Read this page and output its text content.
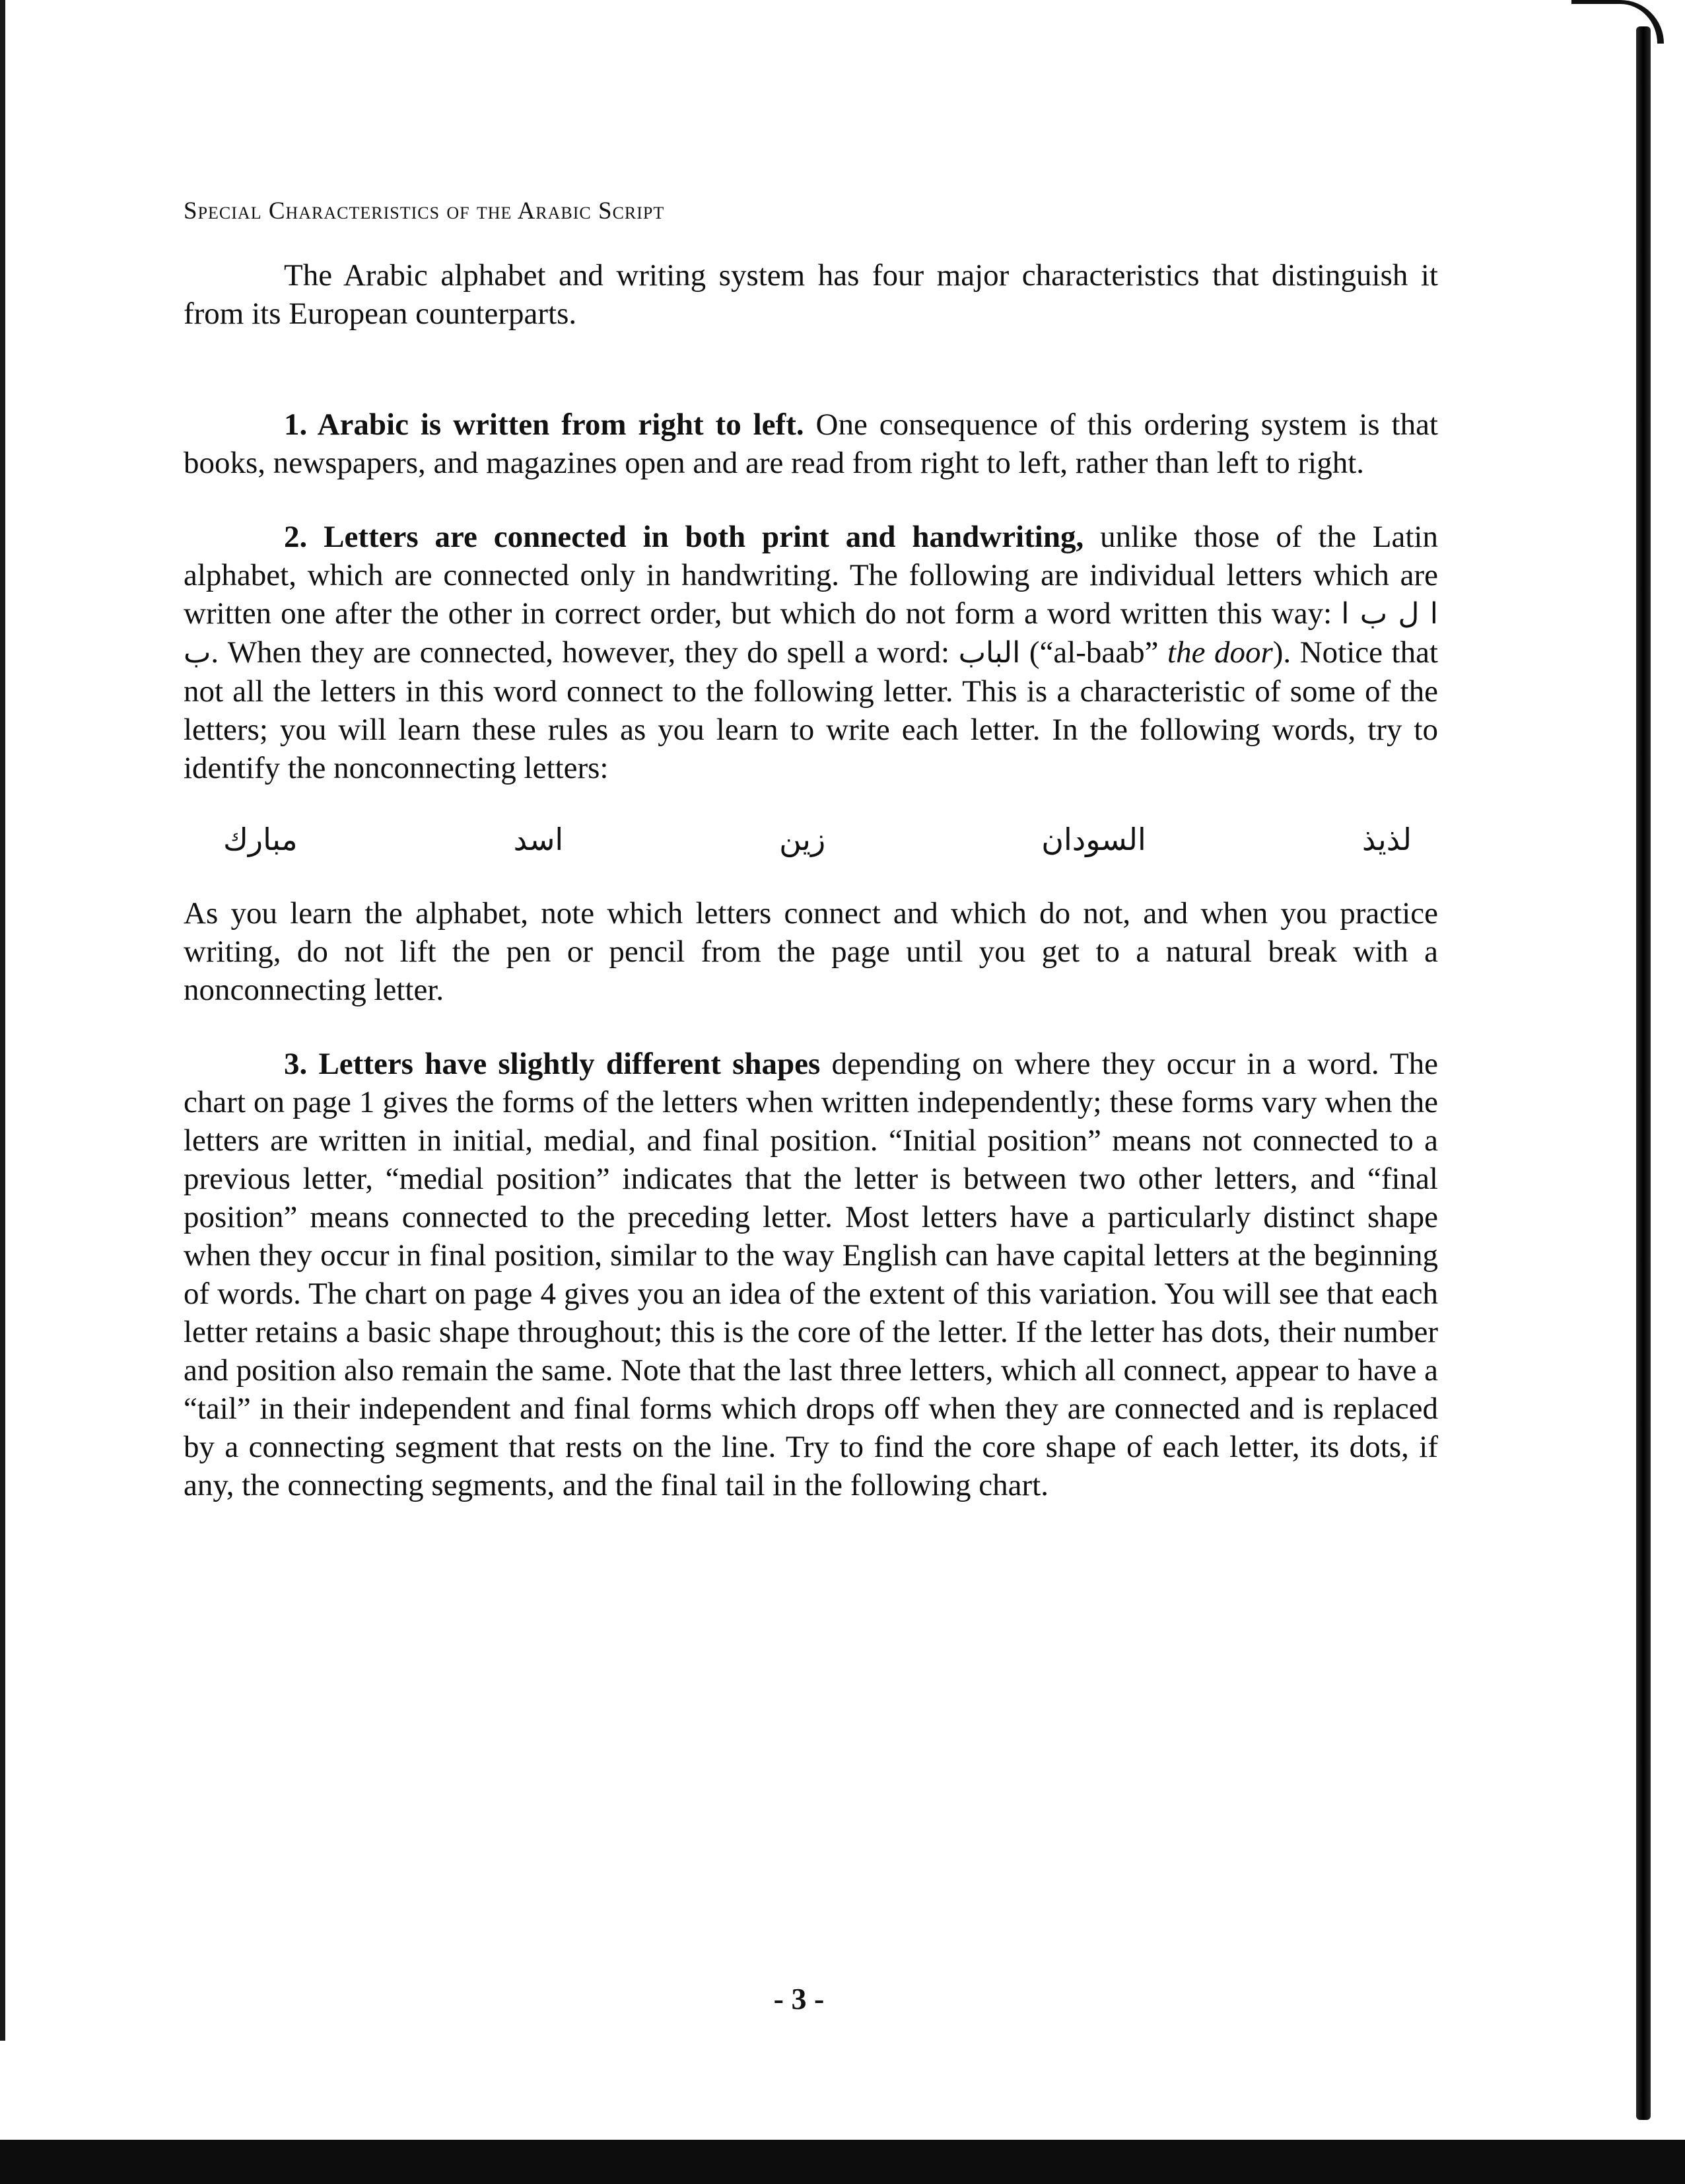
Special Characteristics of the Arabic Script

The Arabic alphabet and writing system has four major characteristics that distinguish it from its European counterparts.

1. Arabic is written from right to left. One consequence of this ordering system is that books, newspapers, and magazines open and are read from right to left, rather than left to right.

2. Letters are connected in both print and handwriting, unlike those of the Latin alphabet, which are connected only in handwriting. The following are individual letters which are written one after the other in correct order, but which do not form a word written this way: ا ل ب ا ب. When they are connected, however, they do spell a word: الباب (“al-baab” the door). Notice that not all the letters in this word connect to the following letter. This is a characteristic of some of the letters; you will learn these rules as you learn to write each letter. In the following words, try to identify the nonconnecting letters:

مبارك	اسد	زين	السودان	لذيذ

As you learn the alphabet, note which letters connect and which do not, and when you practice writing, do not lift the pen or pencil from the page until you get to a natural break with a nonconnecting letter.

3. Letters have slightly different shapes depending on where they occur in a word. The chart on page 1 gives the forms of the letters when written independently; these forms vary when the letters are written in initial, medial, and final position. “Initial position” means not connected to a previous letter, “medial position” indicates that the letter is between two other letters, and “final position” means connected to the preceding letter. Most letters have a particularly distinct shape when they occur in final position, similar to the way English can have capital letters at the beginning of words. The chart on page 4 gives you an idea of the extent of this variation. You will see that each letter retains a basic shape throughout; this is the core of the letter. If the letter has dots, their number and position also remain the same. Note that the last three letters, which all connect, appear to have a “tail” in their independent and final forms which drops off when they are connected and is replaced by a connecting segment that rests on the line. Try to find the core shape of each letter, its dots, if any, the connecting segments, and the final tail in the following chart.

- 3 -
